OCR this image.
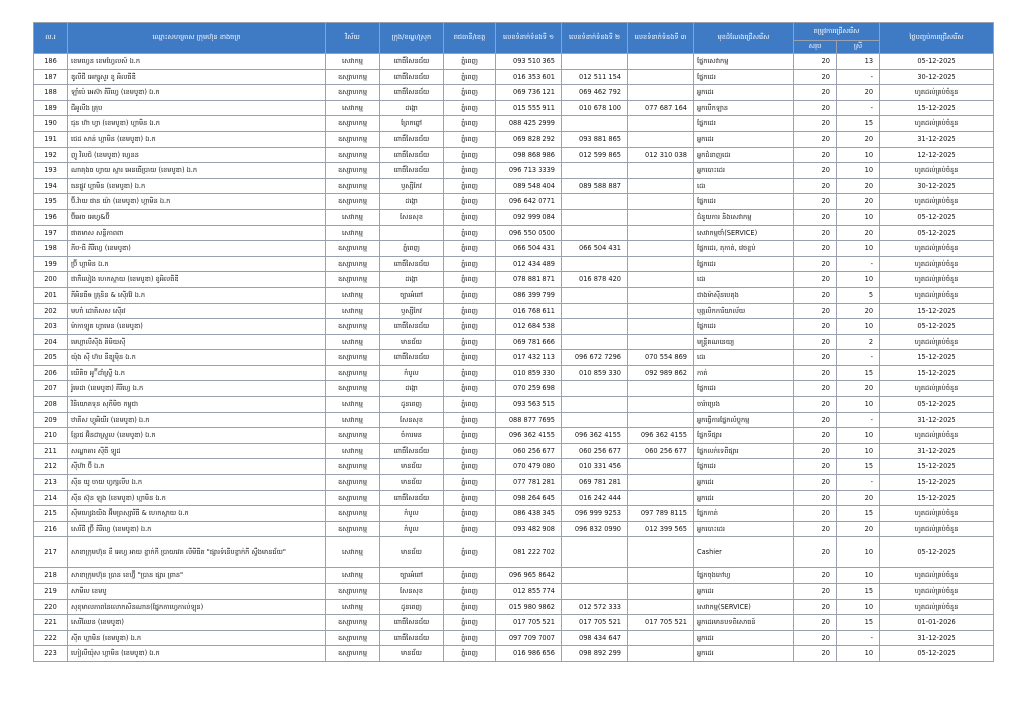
ល.រ	ឈ្មោះសហគ្រាស ក្រុមហ៊ុន ខាងចក្រ	វិស័យ	ក្រុង/ខណ្ឌ/ស្រុក	រាជធានី/ខេត្ត	លេខទំនាក់ទំនងទី ១	លេខទំនាក់ទំនងទី ២	លេខទំនាក់ទំនងទី ៣	មុខដំណែងជ្រើសរើស	តម្រូវការជ្រើសរើស		ថ្ងៃបញ្ចប់ការជ្រើសរើស
									សរុប	ស្រី	
186	ខេមហ្វេន ខេមហ្វែលស៍ ឯ.ក	សេវាកម្ម	ពោធិ៍សែនជ័យ	ភ្នំពេញ	093 510 365			ផ្នែកសេវាកម្ម	20	13	05-12-2025
187	ឌូលីជី អេក្សូសួរ ខូ អិលធីឌី	ឧស្សាហកម្ម	ពោធិ៍សែនជ័យ	ភ្នំពេញ	016 353 601	012 511 154		ផ្នែកដេរ	20	-	30-12-2025
188	ឡាំប៉េ អេស៊ា គីរីហ្វេ (ខេមបូឌា) ឯ.ក	ឧស្សាហកម្ម	ពោធិ៍សែនជ័យ	ភ្នំពេញ	069 736 121	069 462 792		អ្នកដេរ	20	20	ហូតដល់គ្រប់ចំនួន
189	ជីអូលីង គ្រុប	សេវាកម្ម	ដង្កោ	ភ្នំពេញ	015 555 911	010 678 100	077 687 164	អ្នកបើកឡាន	20	-	15-12-2025
190	ជុន ហ៊ា ហ្វា (ខេមបូឌា) ហ្គាមិន ឯ.ក	ឧស្សាហកម្ម	ព្រែកព្នៅ	ភ្នំពេញ	088 425 2999			ផ្នែកដេរ	20	15	ហូតដល់គ្រប់ចំនួន
191	ជេដ សាន់ ហ្គាមិន (ខេមបូឌា) ឯ.ក	ឧស្សាហកម្ម	ពោធិ៍សែនជ័យ	ភ្នំពេញ	069 828 292	093 881 865		អ្នកដេរ	20	20	31-12-2025
192	ញូ វិលជ៍ (ខេមបូឌា) ហ្វេនន	ឧស្សាហកម្ម	ពោធិ៍សែនជ័យ	ភ្នំពេញ	098 868 986	012 599 865	012 310 038	អ្នកជំនាញដេរ	20	10	12-12-2025
193	ណាគុងធ ហ្វាយ ស្តារ អេនធើប្រាយ (ខេមបូឌា) ឯ.ក	ឧស្សាហកម្ម	ពោធិ៍សែនជ័យ	ភ្នំពេញ	096 713 3339			អ្នកបោះដេរ	20	10	ហូតដល់គ្រប់ចំនួន
194	ធនផ្លូវ ហ្គាមិន (ខេមបូឌា) ឯ.ក	ឧស្សាហកម្ម	ឫស្សីកែវ	ភ្នំពេញ	089 548 404	089 588 887		ដេរ	20	20	30-12-2025
195	ប៊ី.វ៉ាយ ផាន យ៉ា (ខេមបូឌា) ហ្គាមិន ឯ.ក	ឧស្សាហកម្ម	ដង្កោ	ភ្នំពេញ	096 642 0771			ផ្នែកដេរ	20	20	ហូតដល់គ្រប់ចំនួន
196	ប៊ីអេច អេហ្វ&ប៊ី	សេវាកម្ម	សែនសុខ	ភ្នំពេញ	092 999 084			ជំនួយការ និងសេវាកម្ម	20	10	05-12-2025
197	ផាតមាស សន្តិភាពពា	សេវាកម្ម		ភ្នំពេញ	096 550 0500			សេវាកម្មថាំ(SERVICE)	20	20	05-12-2025
198	ភីប-ធី គីរីហ្វេ (ខេមបូឌា)	ឧស្សាហកម្ម	ភ្នំពេញ	ភ្នំពេញ	066 504 431	066 504 431		ផ្នែកដេរ, តុកាត់, វេចខ្ចប់	20	10	ហូតដល់គ្រប់ចំនួន
199	ប្រ៊ី ហ្គាមិន ឯ.ក	ឧស្សាហកម្ម	ពោធិ៍សែនជ័យ	ភ្នំពេញ	012 434 489			ផ្នែកដេរ	20	-	ហូតដល់គ្រប់ចំនួន
200	ផាកឺលៀង ហេកស្តាយ (ខេមបូឌា) ខូអិលធីឌី	ឧស្សាហកម្ម	ដង្កោ	ភ្នំពេញ	078 881 871	016 878 420		ដេរ	20	10	ហូតដល់គ្រប់ចំនួន
201	ភីអិនធីឲ គ្រុនិន & ស៊ើរវ៉ែ ឯ.ក	សេវាកម្ម	ច្បារអំពៅ	ភ្នំពេញ	086 399 799			ជាងម៉ាស៊ីនបេតុង	20	5	ហូតដល់គ្រប់ចំនួន
202	មហាំ ដោគិសស ស៊ើរវ	សេវាកម្ម	ឫស្សីកែវ	ភ្នំពេញ	016 768 611			បុគ្គលិកការិយាល័យ	20	20	15-12-2025
203	ម៉ាកាឡូត ហ្វាមេន (ខេមបូឌា)	ឧស្សាហកម្ម	ពោធិ៍សែនជ័យ	ភ្នំពេញ	012 684 538			ផ្នែកដេរ	20	10	05-12-2025
204	មេហ្គាលីស៊ីង គីមិយស៊ី	សេវាកម្ម	មានជ័យ	ភ្នំពេញ	069 781 666			មន្ត្រីគណនេយ្យ	20	2	ហូតដល់គ្រប់ចំនួន
205	យ៉ុង ស៊ី ហ៊ប នីឌ្យូម៉ិន ឯ.ក	ឧស្សាហកម្ម	ពោធិ៍សែនជ័យ	ភ្នំពេញ	017 432 113	096 672 7296	070 554 869	ដេរ	20	-	15-12-2025
206	យើគិច អូ៊ីដាំស្ទ្រី ឯ.ក	ឧស្សាហកម្ម	កំបូល	ភ្នំពេញ	010 859 330	010 859 330	092 989 862	កាត់	20	15	15-12-2025
207	រ៉ូមេដា (ខេមបូឌា) គីរីហ្វេ ឯ.ក	ឧស្សាហកម្ម	ដង្កោ	ភ្នំពេញ	070 259 698			ផ្នែកដេរ	20	20	ហូតដល់គ្រប់ចំនួន
208	វិនិយោគទុន សុភីមិច កម្ពុជា	សេវាកម្ម	ដូនពេញ	ភ្នំពេញ	093 563 515			ចារ៉ាប្រេង	20	10	05-12-2025
209	ឋាគីស ហ្គូអិយីរ (ខេមបូឌា) ឯ.ក	សេវាកម្ម	សែនសុខ	ភ្នំពេញ	088 877 7695			អ្នកធ្វើការផ្នែកលំប្លុកម្ម	20	-	31-12-2025
210	ខ្មែរជ អ៊ិនដាស្ត្រូល (ខេមបូឌា) ឯ.ក	ឧស្សាហកម្ម	ចំការមន	ភ្នំពេញ	096 362 4155	096 362 4155	096 362 4155	ផ្នែកទីផ្សារ	20	10	ហូតដល់គ្រប់ចំនួន
211	សណ្ឋាគារ ស៊ីធី ឡូដ	សេវាកម្ម	ពោធិ៍សែនជ័យ	ភ្នំពេញ	060 256 677	060 256 677	060 256 677	ផ្នែកលក់ទេពីផ្សារ	20	10	31-12-2025
212	ស៊ីហ៊ា ប៊ី ឯ.ក	ឧស្សាហកម្ម	មានជ័យ	ភ្នំពេញ	070 479 080	010 331 456		ផ្នែកដេរ	20	15	15-12-2025
213	ស៊ីន យូ ចាយ ហ្វក្សលីប ឯ.ក	ឧស្សាហកម្ម	មានជ័យ	ភ្នំពេញ	077 781 281	069 781 281		អ្នកដេរ	20	-	15-12-2025
214	ស៊ីន ស៊ុន ឡុង (ខេមបូឌា) ហ្គាមិន ឯ.ក	ឧស្សាហកម្ម	ពោធិ៍សែនជ័យ	ភ្នំពេញ	098 264 645	016 242 444		អ្នកដេរ	20	20	15-12-2025
215	ស៊ីមហ្សេងយិង អ៊ីមព្រស្សារីធី & ហេកស្តាយ ឯ.ក	ឧស្សាហកម្ម	កំបូល	ភ្នំពេញ	086 438 345	096 999 9253	097 789 8115	ផ្នែកកាត់	20	15	ហូតដល់គ្រប់ចំនួន
216	សេរីជី ប្រ៊ី គីរីហ្វេ (ខេមបូឌា) ឯ.ក	ឧស្សាហកម្ម	កំបូល	ភ្នំពេញ	093 482 908	096 832 0990	012 399 565	អ្នកបោះដេរ	20	20	ហូតដល់គ្រប់ចំនួន
217	សាខាក្រុមហ៊ុន ខឹ អេហ្វ អាយ ខ្ទាក់កី ប្រាយវេត លីមីធីត "ផ្សារទំនើបខ្ទាក់កី ស្ទឹងមានជ័យ"	សេវាកម្ម	មានជ័យ	ភ្នំពេញ	081 222 702			Cashier	20	10	05-12-2025
218	សាខាក្រុមហ៊ុន ប្រាន ខេហ្វ៊ី "ប្រាន ផ្សារ ព្រាន"	សេវាកម្ម	ច្បារអំពៅ	ភ្នំពេញ	096 965 8642			ផ្នែកចុងភៅហ្វ	20	10	ហូតដល់គ្រប់ចំនួន
219	សាមីល ខេមបូ	ឧស្សាហកម្ម	សែនសុខ	ភ្នំពេញ	012 855 774			អ្នកដេរ	20	15	ហូតដល់គ្រប់ចំនួន
220	សុខុមាលភាពនៃលោកសិនណាន(ផ្នែកកាហ្វេកាល់ឡុន)	សេវាកម្ម	ដូនពេញ	ភ្នំពេញ	015 980 9862	012 572 333		សេវាកម្ម(SERVICE)	20	10	ហូតដល់គ្រប់ចំនួន
221	សេរីឈែន (ខេមបូឌា)	ឧស្សាហកម្ម	ពោធិ៍សែនជ័យ	ភ្នំពេញ	017 705 521	017 705 521	017 705 521	អ្នកដេរមានបទពិសោធន៍	20	15	01-01-2026
222	ស៊ីត ហ្គាមិន (ខេមបូឌា) ឯ.ក	ឧស្សាហកម្ម	ពោធិ៍សែនជ័យ	ភ្នំពេញ	097 709 7007	098 434 647		អ្នកដេរ	20	-	31-12-2025
223	ហៀលីយ៉ុស ហ្គាមិន (ខេមបូឌា) ឯ.ក	ឧស្សាហកម្ម	មានជ័យ	ភ្នំពេញ	016 986 656	098 892 299		អ្នកដេរ	20	10	05-12-2025
